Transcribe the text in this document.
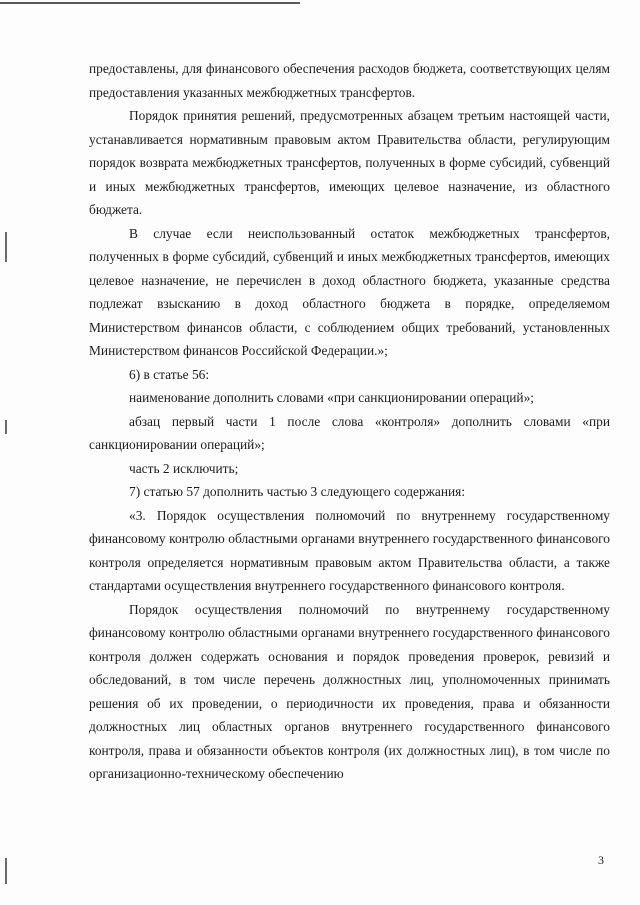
предоставлены, для финансового обеспечения расходов бюджета, соответствующих целям предоставления указанных межбюджетных трансфертов.

Порядок принятия решений, предусмотренных абзацем третьим настоящей части, устанавливается нормативным правовым актом Правительства области, регулирующим порядок возврата межбюджетных трансфертов, полученных в форме субсидий, субвенций и иных межбюджетных трансфертов, имеющих целевое назначение, из областного бюджета.

В случае если неиспользованный остаток межбюджетных трансфертов, полученных в форме субсидий, субвенций и иных межбюджетных трансфертов, имеющих целевое назначение, не перечислен в доход областного бюджета, указанные средства подлежат взысканию в доход областного бюджета в порядке, определяемом Министерством финансов области, с соблюдением общих требований, установленных Министерством финансов Российской Федерации.»;

6) в статье 56:

наименование дополнить словами «при санкционировании операций»;

абзац первый части 1 после слова «контроля» дополнить словами «при санкционировании операций»;

часть 2 исключить;

7) статью 57 дополнить частью 3 следующего содержания:

«3. Порядок осуществления полномочий по внутреннему государственному финансовому контролю областными органами внутреннего государственного финансового контроля определяется нормативным правовым актом Правительства области, а также стандартами осуществления внутреннего государственного финансового контроля.

Порядок осуществления полномочий по внутреннему государственному финансовому контролю областными органами внутреннего государственного финансового контроля должен содержать основания и порядок проведения проверок, ревизий и обследований, в том числе перечень должностных лиц, уполномоченных принимать решения об их проведении, о периодичности их проведения, права и обязанности должностных лиц областных органов внутреннего государственного финансового контроля, права и обязанности объектов контроля (их должностных лиц), в том числе по организационно-техническому обеспечению

3
